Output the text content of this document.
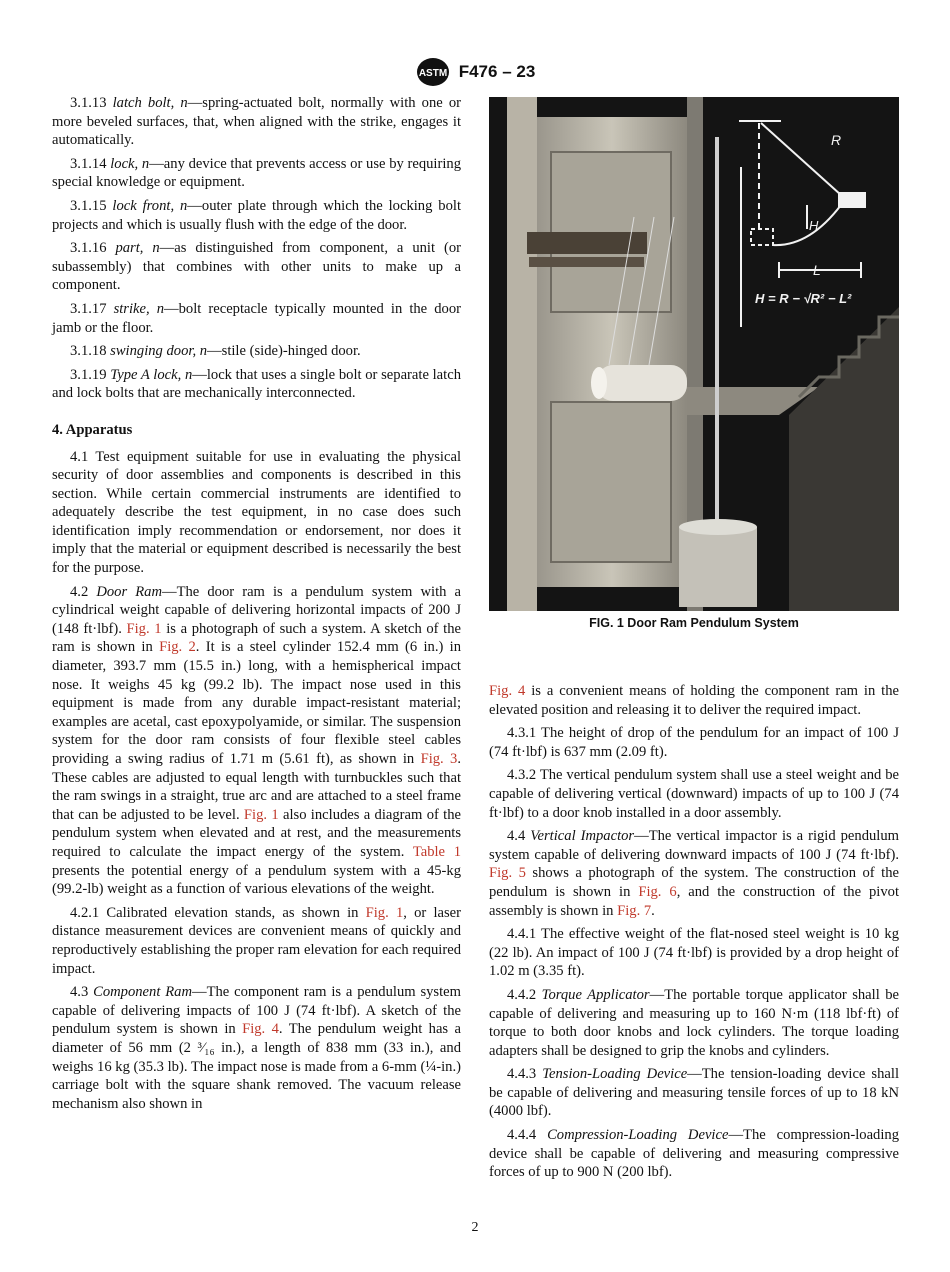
ASTM F476 – 23

3.1.13 latch bolt, n—spring-actuated bolt, normally with one or more beveled surfaces, that, when aligned with the strike, engages it automatically.

3.1.14 lock, n—any device that prevents access or use by requiring special knowledge or equipment.

3.1.15 lock front, n—outer plate through which the locking bolt projects and which is usually flush with the edge of the door.

3.1.16 part, n—as distinguished from component, a unit (or subassembly) that combines with other units to make up a component.

3.1.17 strike, n—bolt receptacle typically mounted in the door jamb or the floor.

3.1.18 swinging door, n—stile (side)-hinged door.

3.1.19 Type A lock, n—lock that uses a single bolt or separate latch and lock bolts that are mechanically interconnected.

4. Apparatus

4.1 Test equipment suitable for use in evaluating the physical security of door assemblies and components is described in this section. While certain commercial instruments are identified to adequately describe the test equipment, in no case does such identification imply recommendation or endorsement, nor does it imply that the material or equipment described is necessarily the best for the purpose.

4.2 Door Ram—The door ram is a pendulum system with a cylindrical weight capable of delivering horizontal impacts of 200 J (148 ft·lbf). Fig. 1 is a photograph of such a system. A sketch of the ram is shown in Fig. 2. It is a steel cylinder 152.4 mm (6 in.) in diameter, 393.7 mm (15.5 in.) long, with a hemispherical impact nose. It weighs 45 kg (99.2 lb). The impact nose used in this equipment is made from any durable impact-resistant material; examples are acetal, cast epoxypolyamide, or similar. The suspension system for the door ram consists of four flexible steel cables providing a swing radius of 1.71 m (5.61 ft), as shown in Fig. 3. These cables are adjusted to equal length with turnbuckles such that the ram swings in a straight, true arc and are attached to a steel frame that can be adjusted to be level. Fig. 1 also includes a diagram of the pendulum system when elevated and at rest, and the measurements required to calculate the impact energy of the system. Table 1 presents the potential energy of a pendulum system with a 45-kg (99.2-lb) weight as a function of various elevations of the weight.

4.2.1 Calibrated elevation stands, as shown in Fig. 1, or laser distance measurement devices are convenient means of quickly and reproductively establishing the proper ram elevation for each required impact.

4.3 Component Ram—The component ram is a pendulum system capable of delivering impacts of 100 J (74 ft·lbf). A sketch of the pendulum system is shown in Fig. 4. The pendulum weight has a diameter of 56 mm (2 ³⁄₁₆ in.), a length of 838 mm (33 in.), and weighs 16 kg (35.3 lb). The impact nose is made from a 6-mm (¼-in.) carriage bolt with the square shank removed. The vacuum release mechanism also shown in

R
H
L
H = R − √R² − L²
FIG. 1 Door Ram Pendulum System

Fig. 4 is a convenient means of holding the component ram in the elevated position and releasing it to deliver the required impact.

4.3.1 The height of drop of the pendulum for an impact of 100 J (74 ft·lbf) is 637 mm (2.09 ft).

4.3.2 The vertical pendulum system shall use a steel weight and be capable of delivering vertical (downward) impacts of up to 100 J (74 ft·lbf) to a door knob installed in a door assembly.

4.4 Vertical Impactor—The vertical impactor is a rigid pendulum system capable of delivering downward impacts of 100 J (74 ft·lbf). Fig. 5 shows a photograph of the system. The construction of the pendulum is shown in Fig. 6, and the construction of the pivot assembly is shown in Fig. 7.

4.4.1 The effective weight of the flat-nosed steel weight is 10 kg (22 lb). An impact of 100 J (74 ft·lbf) is provided by a drop height of 1.02 m (3.35 ft).

4.4.2 Torque Applicator—The portable torque applicator shall be capable of delivering and measuring up to 160 N·m (118 lbf·ft) of torque to both door knobs and lock cylinders. The torque loading adapters shall be designed to grip the knobs and cylinders.

4.4.3 Tension-Loading Device—The tension-loading device shall be capable of delivering and measuring tensile forces of up to 18 kN (4000 lbf).

4.4.4 Compression-Loading Device—The compression-loading device shall be capable of delivering and measuring compressive forces of up to 900 N (200 lbf).

2
